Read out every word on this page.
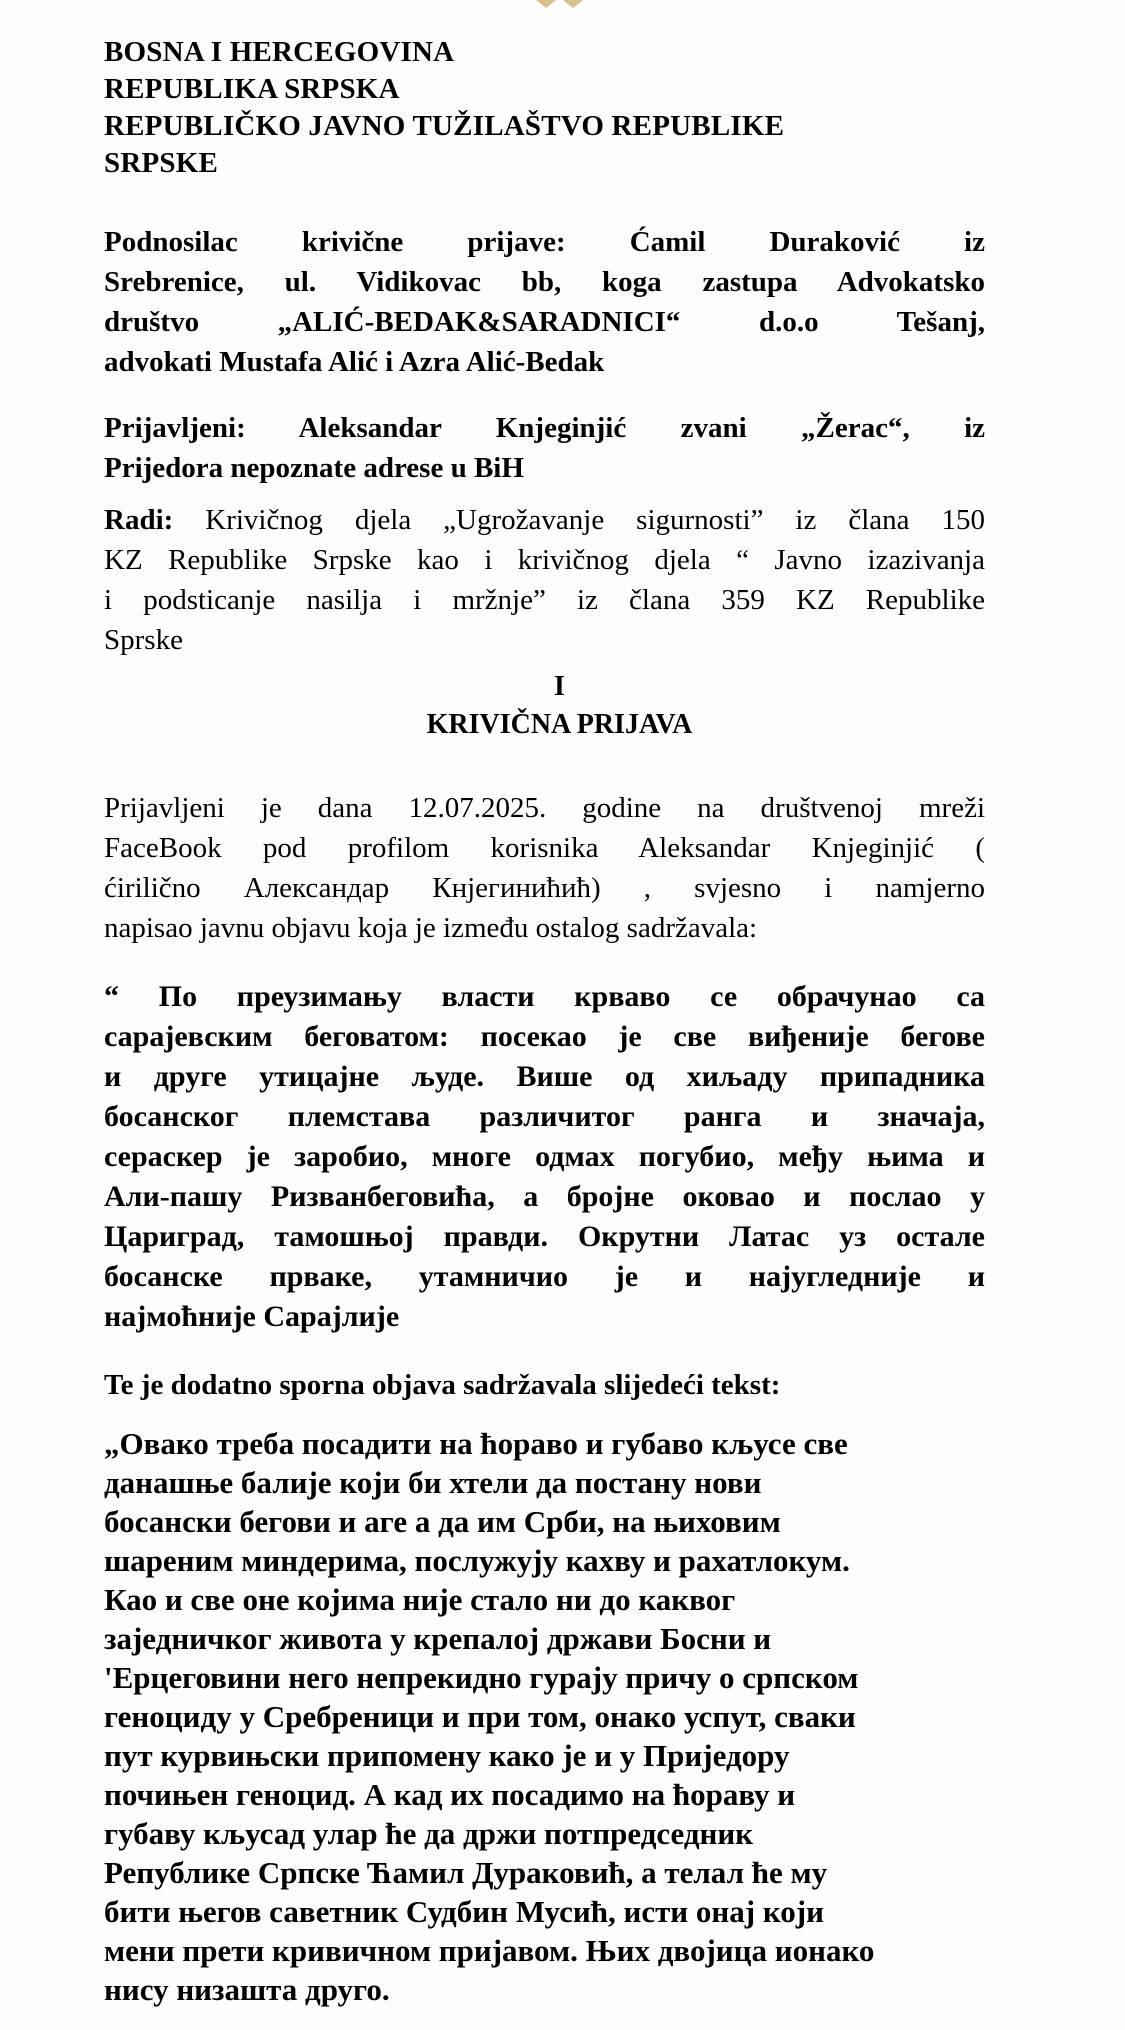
BOSNA I HERCEGOVINA
REPUBLIKA SRPSKA
REPUBLIČKO JAVNO TUŽILAŠTVO REPUBLIKE
SRPSKE
Podnosilac krivične prijave: Ćamil Duraković iz
Srebrenice, ul. Vidikovac bb, koga zastupa Advokatsko
društvo „ALIĆ-BEDAK&SARADNICI“ d.o.o Tešanj,
advokati Mustafa Alić i Azra Alić-Bedak
Prijavljeni: Aleksandar Knjeginjić zvani „Žerac“, iz
Prijedora nepoznate adrese u BiH
Radi: Krivičnog djela „Ugrožavanje sigurnosti” iz člana 150
KZ Republike Srpske kao i krivičnog djela “ Javno izazivanja
i podsticanje nasilja i mržnje” iz člana 359 KZ Republike
Sprske
I
KRIVIČNA PRIJAVA
Prijavljeni je dana 12.07.2025. godine na društvenoj mreži
FaceBook pod profilom korisnika Aleksandar Knjeginjić (
ćirilično Александар Кнјегинићић) , svjesno i namjerno
napisao javnu objavu koja je između ostalog sadržavala:
“ По преузимању власти крваво се обрачунао са
сарајевским беговатом: посекао је све виђеније бегове
и друге утицајне људе. Више од хиљаду припадника
босанског племстава различитог ранга и значаја,
сераскер је заробио, многе одмах погубио, међу њима и
Али-пашу Ризванбеговића, а бројне оковао и послао у
Цариград, тамошњој правди. Окрутни Латас уз остале
босанске прваке, утамничио је и најугледније и
најмоћније Сарајлије
Te je dodatno sporna objava sadržavala slijedeći tekst:
„Овако треба посадити на ћораво и губаво кљусе све
данашње балије који би хтели да постану нови
босански бегови и аге а да им Срби, на њиховим
шареним миндерима, послужују кахву и рахатлокум.
Као и све оне којима није стало ни до каквог
заједничког живота у крепалој држави Босни и
'Ерцеговини него непрекидно гурају причу о српском
геноциду у Сребреници и при том, онако успут, сваки
пут курвињски припомену како је и у Приједору
почињен геноцид. А кад их посадимо на ћораву и
губаву кљусад улар ће да држи потпредседник
Републике Српске Ћамил Дураковић, а телал ће му
бити његов саветник Судбин Мусић, исти онај који
мени прети кривичном пријавом. Њих двојица ионако
нису низашта друго.
